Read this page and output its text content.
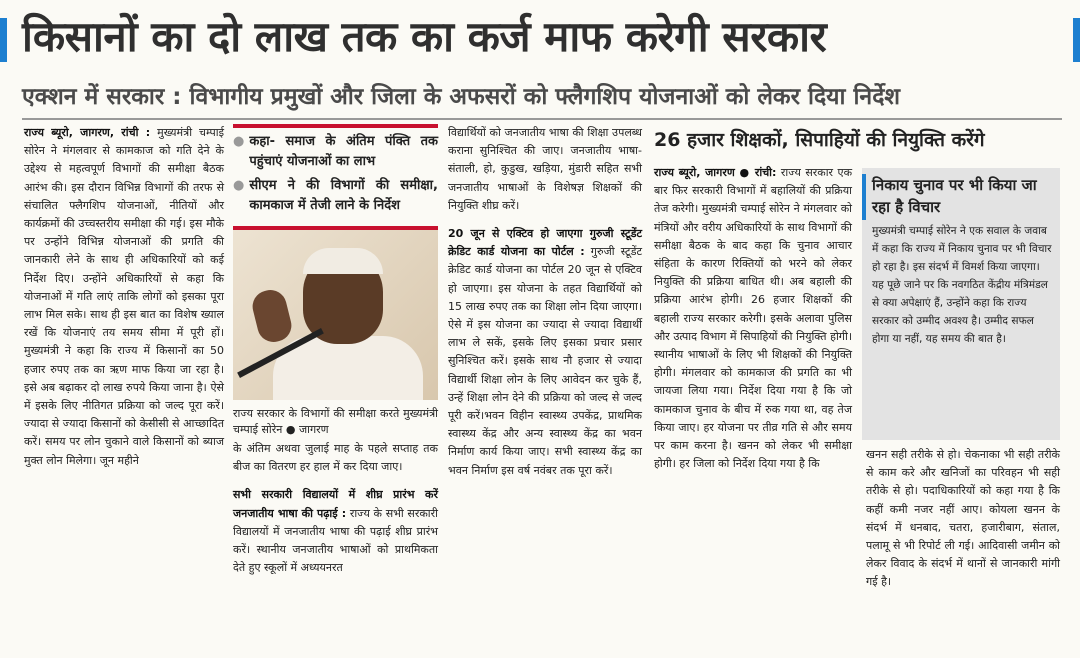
किसानों का दो लाख तक का कर्ज माफ करेगी सरकार
एक्शन में सरकार : विभागीय प्रमुखों और जिला के अफसरों को फ्लैगशिप योजनाओं को लेकर दिया निर्देश

राज्य ब्यूरो, जागरण, रांची : मुख्यमंत्री चम्पाई सोरेन ने मंगलवार से कामकाज को गति देने के उद्देश्य से महत्वपूर्ण विभागों की समीक्षा बैठक आरंभ की। इस दौरान विभिन्न विभागों की तरफ से संचालित फ्लैगशिप योजनाओं, नीतियों और कार्यक्रमों की उच्चस्तरीय समीक्षा की गई। इस मौके पर उन्होंने विभिन्न योजनाओं की प्रगति की जानकारी लेने के साथ ही अधिकारियों को कई निर्देश दिए। उन्होंने अधिकारियों से कहा कि योजनाओं में गति लाएं ताकि लोगों को इसका पूरा लाभ मिल सके। साथ ही इस बात का विशेष ख्याल रखें कि योजनाएं तय समय सीमा में पूरी हों। मुख्यमंत्री ने कहा कि राज्य में किसानों का 50 हजार रुपए तक का ऋण माफ किया जा रहा है। इसे अब बढ़ाकर दो लाख रुपये किया जाना है। ऐसे में इसके लिए नीतिगत प्रक्रिया को जल्द पूरा करें। ज्यादा से ज्यादा किसानों को केसीसी से आच्छादित करें। समय पर लोन चुकाने वाले किसानों को ब्याज मुक्त लोन मिलेगा। जून महीने

● कहा- समाज के अंतिम पंक्ति तक पहुंचाएं योजनाओं का लाभ
● सीएम ने की विभागों की समीक्षा, कामकाज में तेजी लाने के निर्देश
राज्य सरकार के विभागों की समीक्षा करते मुख्यमंत्री चम्पाई सोरेन ● जागरण

के अंतिम अथवा जुलाई माह के पहले सप्ताह तक बीज का वितरण हर हाल में कर दिया जाए।

सभी सरकारी विद्यालयों में शीघ्र प्रारंभ करें जनजातीय भाषा की पढ़ाई : राज्य के सभी सरकारी विद्यालयों में जनजातीय भाषा की पढ़ाई शीघ्र प्रारंभ करें। स्थानीय जनजातीय भाषाओं को प्राथमिकता देते हुए स्कूलों में अध्ययनरत

विद्यार्थियों को जनजातीय भाषा की शिक्षा उपलब्ध कराना सुनिश्चित की जाए। जनजातीय भाषा- संताली, हो, कुडुख, खड़िया, मुंडारी सहित सभी जनजातीय भाषाओं के विशेषज्ञ शिक्षकों की नियुक्ति शीघ्र करें।

20 जून से एक्टिव हो जाएगा गुरुजी स्टूडेंट क्रेडिट कार्ड योजना का पोर्टल : गुरुजी स्टूडेंट क्रेडिट कार्ड योजना का पोर्टल 20 जून से एक्टिव हो जाएगा। इस योजना के तहत विद्यार्थियों को 15 लाख रुपए तक का शिक्षा लोन दिया जाएगा। ऐसे में इस योजना का ज्यादा से ज्यादा विद्यार्थी लाभ ले सकें, इसके लिए इसका प्रचार प्रसार सुनिश्चित करें। इसके साथ नौ हजार से ज्यादा विद्यार्थी शिक्षा लोन के लिए आवेदन कर चुके हैं, उन्हें शिक्षा लोन देने की प्रक्रिया को जल्द से जल्द पूरी करें।भवन विहीन स्वास्थ्य उपकेंद्र, प्राथमिक स्वास्थ्य केंद्र और अन्य स्वास्थ्य केंद्र का भवन निर्माण कार्य किया जाए। सभी स्वास्थ्य केंद्र का भवन निर्माण इस वर्ष नवंबर तक पूरा करें।

26 हजार शिक्षकों, सिपाहियों की नियुक्ति करेंगे

राज्य ब्यूरो, जागरण ● रांची: राज्य सरकार एक बार फिर सरकारी विभागों में बहालियों की प्रक्रिया तेज करेगी। मुख्यमंत्री चम्पाई सोरेन ने मंगलवार को मंत्रियों और वरीय अधिकारियों के साथ विभागों की समीक्षा बैठक के बाद कहा कि चुनाव आचार संहिता के कारण रिक्तियों को भरने को लेकर नियुक्ति की प्रक्रिया बाधित थी। अब बहाली की प्रक्रिया आरंभ होगी। 26 हजार शिक्षकों की बहाली राज्य सरकार करेगी। इसके अलावा पुलिस और उत्पाद विभाग में सिपाहियों की नियुक्ति होगी। स्थानीय भाषाओं के लिए भी शिक्षकों की नियुक्ति होगी। मंगलवार को कामकाज की प्रगति का भी जायजा लिया गया। निर्देश दिया गया है कि जो कामकाज चुनाव के बीच में रुक गया था, वह तेज किया जाए। हर योजना पर तीव्र गति से और समय पर काम करना है। खनन को लेकर भी समीक्षा होगी। हर जिला को निर्देश दिया गया है कि

निकाय चुनाव पर भी किया जा रहा है विचार
मुख्यमंत्री चम्पाई सोरेन ने एक सवाल के जवाब में कहा कि राज्य में निकाय चुनाव पर भी विचार हो रहा है। इस संदर्भ में विमर्श किया जाएगा। यह पूछे जाने पर कि नवगठित केंद्रीय मंत्रिमंडल से क्या अपेक्षाएं हैं, उन्होंने कहा कि राज्य सरकार को उम्मीद अवश्य है। उम्मीद सफल होगा या नहीं, यह समय की बात है।

खनन सही तरीके से हो। चेकनाका भी सही तरीके से काम करे और खनिजों का परिवहन भी सही तरीके से हो। पदाधिकारियों को कहा गया है कि कहीं कमी नजर नहीं आए। कोयला खनन के संदर्भ में धनबाद, चतरा, हजारीबाग, संताल, पलामू से भी रिपोर्ट ली गई। आदिवासी जमीन को लेकर विवाद के संदर्भ में थानों से जानकारी मांगी गई है।
